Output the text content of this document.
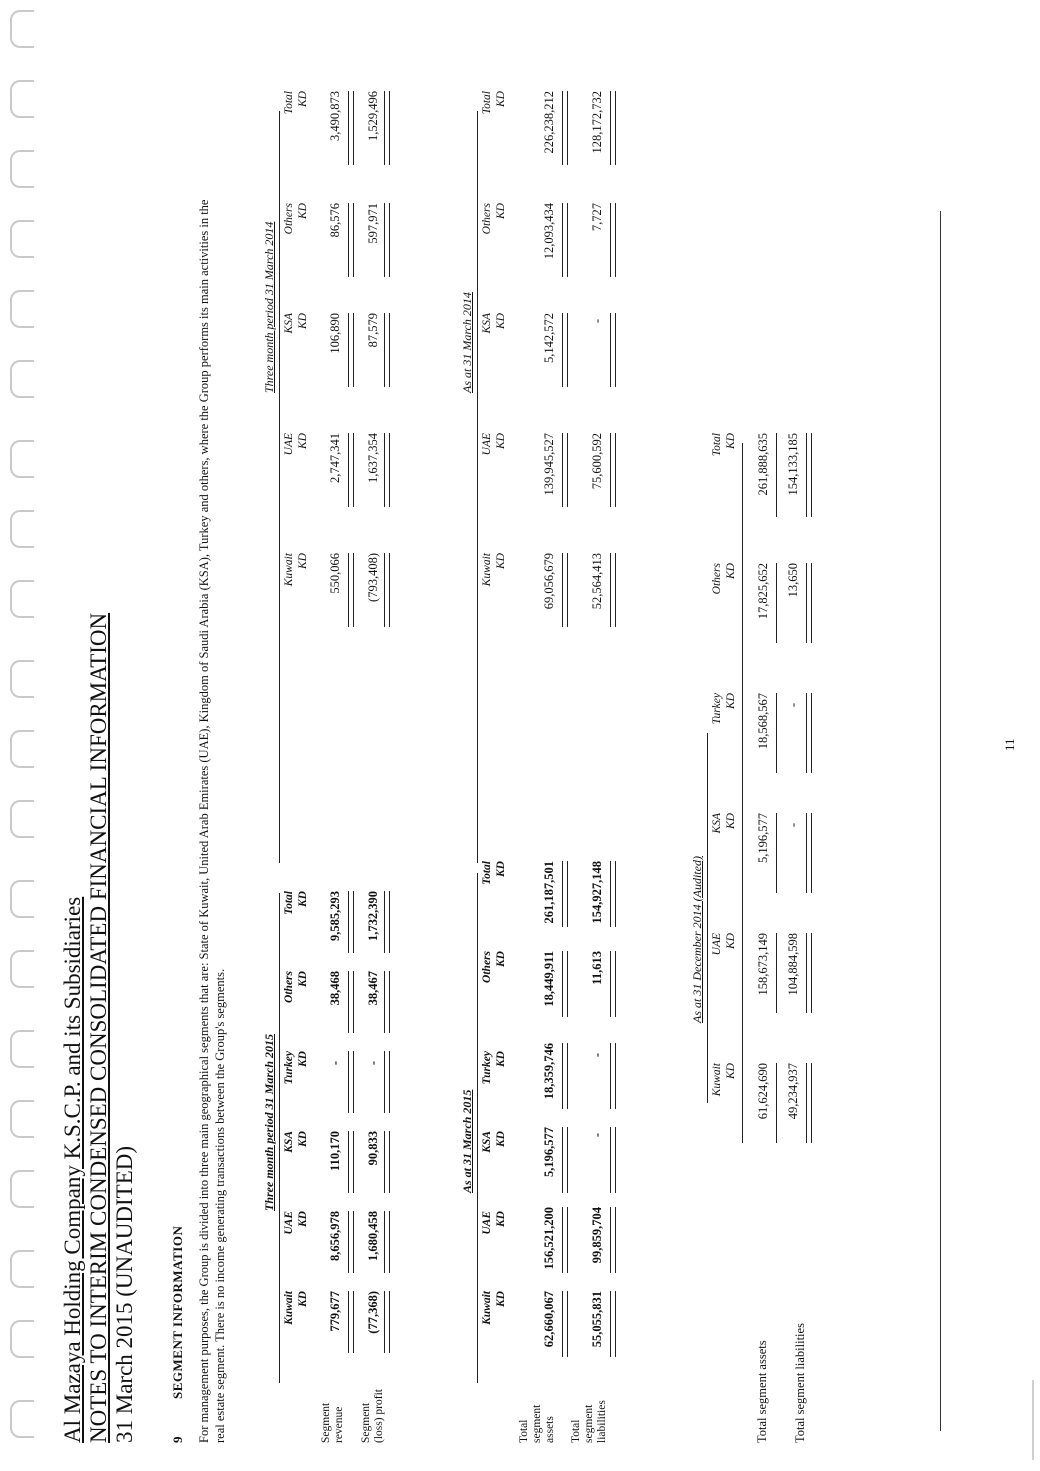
Al Mazaya Holding Company K.S.C.P. and its Subsidiaries NOTES TO INTERIM CONDENSED CONSOLIDATED FINANCIAL INFORMATION 31 March 2015 (UNAUDITED)	9
SEGMENT INFORMATION For management purposes, the Group is divided into three main geographical segments that are: State of Kuwait, United Arab Emirates (UAE), Kingdom of Saudi Arabia (KSA), Turkey and others, where the Group performs its main activities in the real estate segment. There is no income generating transactions between the Group's segments.	Three month period 31 March 2015
Kuwait KD
UAE KD
KSA KD
Turkey KD
Others KD
Total KD
Segment revenue Segment (loss) profit
779,677
8,656,978
110,170
-
38,468
9,585,293
(77,368)
1,680,458
90,833
-
38,467
1,732,390
Three month period 31 March 2014
Kuwait KD
UAE KD
KSA KD
Others KD
Total KD
550,066
2,747,341
106,890
86,576
3,490,873
(793,408)
1,637,354
87,579
597,971
1,529,496
As at 31 March 2015
Kuwait KD
UAE KD
KSA KD
Turkey KD
Others KD
Total KD
Total segment assets Total segment liabilities
62,660,067
156,521,200
5,196,577
18,359,746
18,449,911
261,187,501
55,055,831
99,859,704
-
-
11,613
154,927,148
As at 31 March 2014
Kuwait KD
UAE KD
KSA KD
Others KD
Total KD
69,056,679
139,945,527
5,142,572
12,093,434
226,238,212
52,564,413
75,600,592
-
7,727
128,172,732
As at 31 December 2014 (Audited)
Kuwait KD
UAE KD
KSA KD
Turkey KD
Others KD
Total KD
Total segment assets Total segment liabilities
61,624,690
158,673,149
5,196,577
18,568,567
17,825,652
261,888,635
49,234,937
104,884,598
-
-
13,650
154,133,185
11
